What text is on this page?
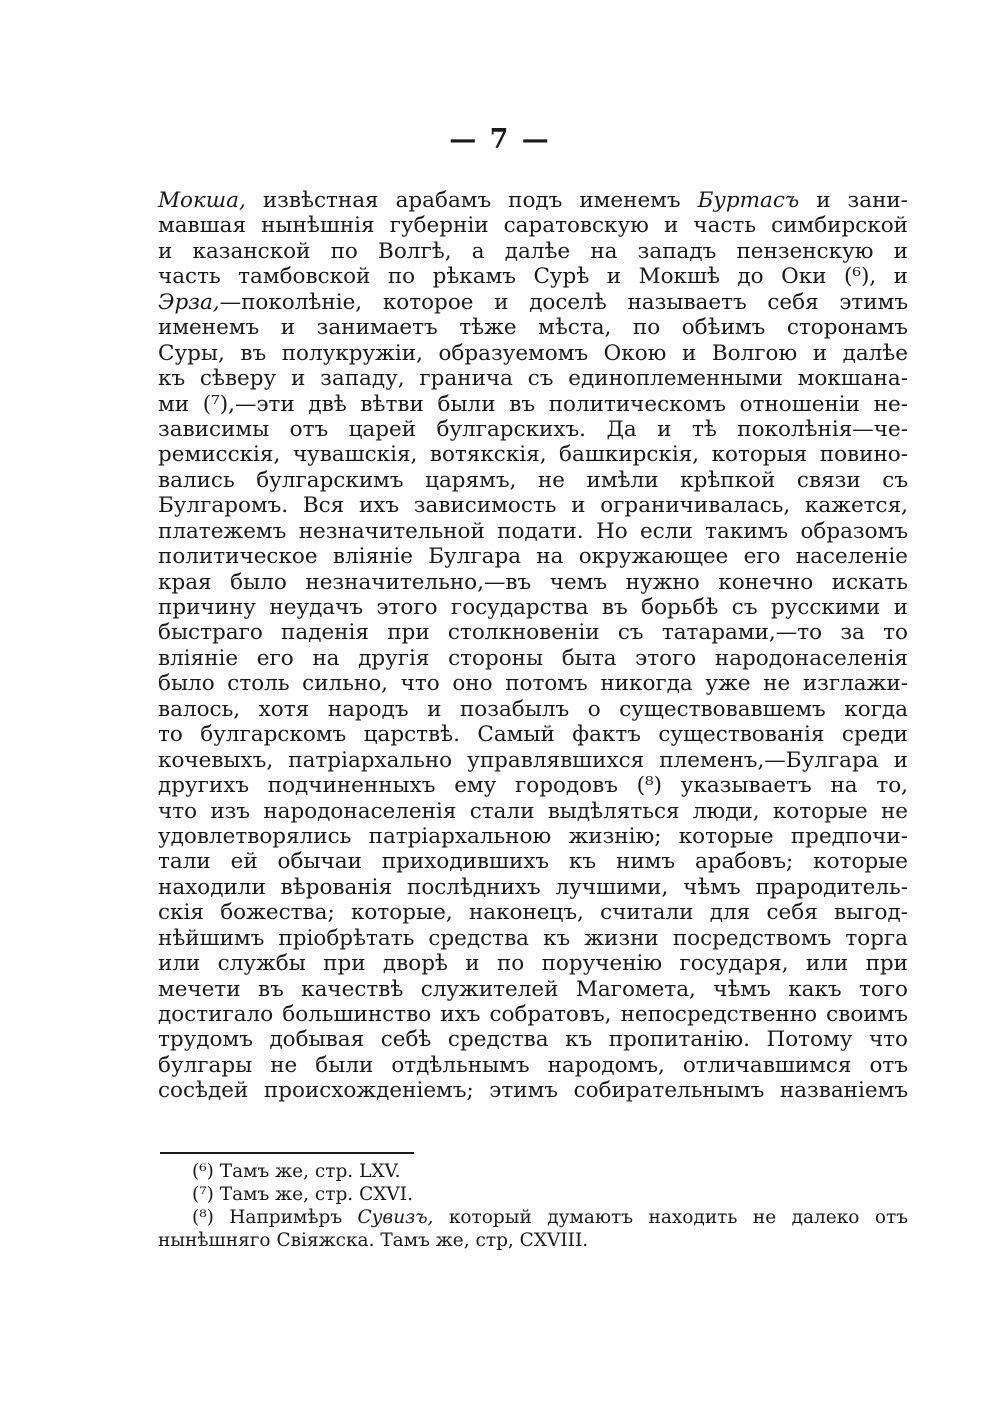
— 7 —
Мокша, извѣстная арабамъ подъ именемъ Буртасъ и зани-
мавшая нынѣшнія губерніи саратовскую и часть симбирской
и казанской по Волгѣ, а далѣе на западъ пензенскую и
часть тамбовской по рѣкамъ Сурѣ и Мокшѣ до Оки (⁶), и
Эрза,—поколѣніе, которое и доселѣ называетъ себя этимъ
именемъ и занимаетъ тѣже мѣста, по обѣимъ сторонамъ
Суры, въ полукружіи, образуемомъ Окою и Волгою и далѣе
къ сѣверу и западу, гранича съ единоплеменными мокшана-
ми (⁷),—эти двѣ вѣтви были въ политическомъ отношеніи не-
зависимы отъ царей булгарскихъ. Да и тѣ поколѣнія—че-
ремисскія, чувашскія, вотякскія, башкирскія, которыя повино-
вались булгарскимъ царямъ, не имѣли крѣпкой связи съ
Булгаромъ. Вся ихъ зависимость и ограничивалась, кажется,
платежемъ незначительной подати. Но если такимъ образомъ
политическое вліяніе Булгара на окружающее его населеніе
края было незначительно,—въ чемъ нужно конечно искать
причину неудачъ этого государства въ борьбѣ съ русскими и
быстраго паденія при столкновеніи съ татарами,—то за то
вліяніе его на другія стороны быта этого народонаселенія
было столь сильно, что оно потомъ никогда уже не изглажи-
валось, хотя народъ и позабылъ о существовавшемъ когда
то булгарскомъ царствѣ. Самый фактъ существованія среди
кочевыхъ, патріархально управлявшихся племенъ,—Булгара и
другихъ подчиненныхъ ему городовъ (⁸) указываетъ на то,
что изъ народонаселенія стали выдѣляться люди, которые не
удовлетворялись патріархальною жизнію; которые предпочи-
тали ей обычаи приходившихъ къ нимъ арабовъ; которые
находили вѣрованія послѣднихъ лучшими, чѣмъ прародитель-
скія божества; которые, наконецъ, считали для себя выгод-
нѣйшимъ пріобрѣтать средства къ жизни посредствомъ торга
или службы при дворѣ и по порученію государя, или при
мечети въ качествѣ служителей Магомета, чѣмъ какъ того
достигало большинство ихъ собратовъ, непосредственно своимъ
трудомъ добывая себѣ средства къ пропитанію. Потому что
булгары не были отдѣльнымъ народомъ, отличавшимся отъ
сосѣдей происхожденіемъ; этимъ собирательнымъ названіемъ
(⁶) Тамъ же, стр. LXV.
(⁷) Тамъ же, стр. CXVI.
(⁸) Напримѣръ Сувизъ, который думаютъ находить не далеко отъ
нынѣшняго Свіяжска. Тамъ же, стр, CXVIII.
